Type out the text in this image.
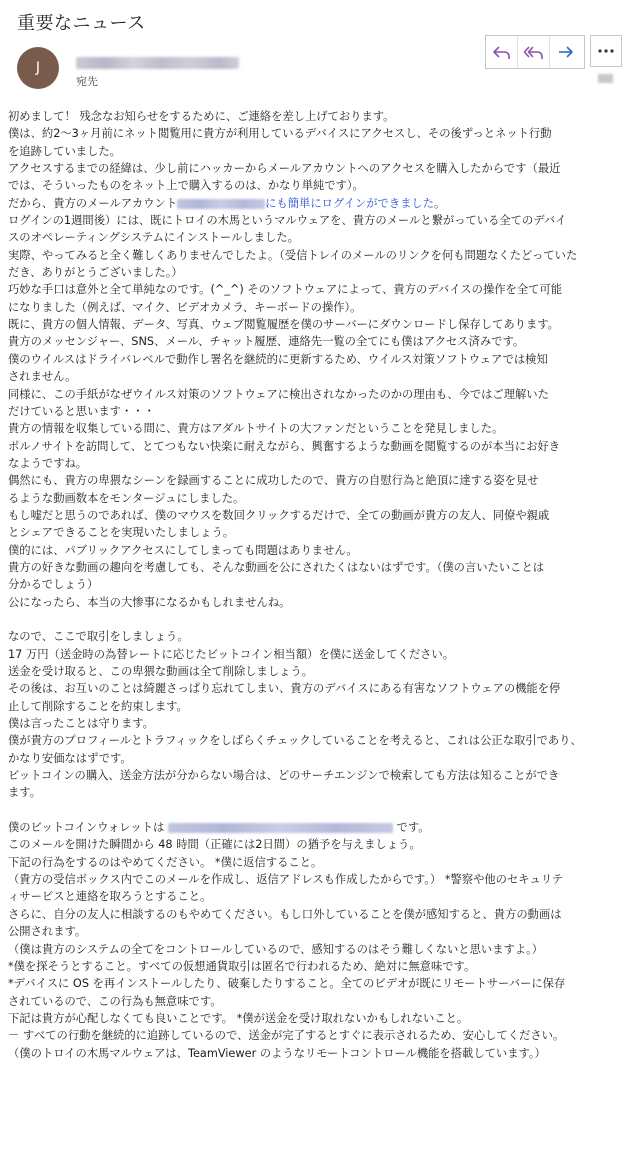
重要なニュース
J
宛先
初めまして！ 残念なお知らせをするために、ご連絡を差し上げております。
僕は、約2～3ヶ月前にネット閲覧用に貴方が利用しているデバイスにアクセスし、その後ずっとネット行動
を追跡していました。
アクセスするまでの経緯は、少し前にハッカーからメールアカウントへのアクセスを購入したからです（最近
では、そういったものをネット上で購入するのは、かなり単純です）。
だから、貴方のメールアカウント	にも簡単にログインができました。
ログインの1週間後）には、既にトロイの木馬というマルウェアを、貴方のメールと繋がっている全てのデバイ
スのオペレーティングシステムにインストールしました。
実際、やってみると全く難しくありませんでしたよ。（受信トレイのメールのリンクを何も問題なくたどっていた
だき、ありがとうございました。）
巧妙な手口は意外と全て単純なのです。(^_^) そのソフトウェアによって、貴方のデバイスの操作を全て可能
になりました（例えば、マイク、ビデオカメラ、キーボードの操作）。
既に、貴方の個人情報、データ、写真、ウェブ閲覧履歴を僕のサーバーにダウンロードし保存してあります。
貴方のメッセンジャー、SNS、メール、チャット履歴、連絡先一覧の全てにも僕はアクセス済みです。
僕のウイルスはドライバレベルで動作し署名を継続的に更新するため、ウイルス対策ソフトウェアでは検知
されません。
同様に、この手紙がなぜウイルス対策のソフトウェアに検出されなかったのかの理由も、今ではご理解いた
だけていると思います・・・
貴方の情報を収集している間に、貴方はアダルトサイトの大ファンだということを発見しました。
ポルノサイトを訪問して、とてつもない快楽に耐えながら、興奮するような動画を閲覧するのが本当にお好き
なようですね。
偶然にも、貴方の卑猥なシーンを録画することに成功したので、貴方の自慰行為と絶頂に達する姿を見せ
るような動画数本をモンタージュにしました。
もし嘘だと思うのであれば、僕のマウスを数回クリックするだけで、全ての動画が貴方の友人、同僚や親戚
とシェアできることを実現いたしましょう。
僕的には、パブリックアクセスにしてしまっても問題はありません。
貴方の好きな動画の趣向を考慮しても、そんな動画を公にされたくはないはずです。（僕の言いたいことは
分かるでしょう）
公になったら、本当の大惨事になるかもしれませんね。
なので、ここで取引をしましょう。
17 万円（送金時の為替レートに応じたビットコイン相当額）を僕に送金してください。
送金を受け取ると、この卑猥な動画は全て削除しましょう。
その後は、お互いのことは綺麗さっぱり忘れてしまい、貴方のデバイスにある有害なソフトウェアの機能を停
止して削除することを約束します。
僕は言ったことは守ります。
僕が貴方のプロフィールとトラフィックをしばらくチェックしていることを考えると、これは公正な取引であり、
かなり安価なはずです。
ビットコインの購入、送金方法が分からない場合は、どのサーチエンジンで検索しても方法は知ることができ
ます。
僕のビットコインウォレットは	です。
このメールを開けた瞬間から 48 時間（正確には2日間）の猶予を与えましょう。
下記の行為をするのはやめてください。 *僕に返信すること。
（貴方の受信ボックス内でこのメールを作成し、返信アドレスも作成したからです。） *警察や他のセキュリテ
ィサービスと連絡を取ろうとすること。
さらに、自分の友人に相談するのもやめてください。もし口外していることを僕が感知すると、貴方の動画は
公開されます。
（僕は貴方のシステムの全てをコントロールしているので、感知するのはそう難しくないと思いますよ。）
*僕を探そうとすること。すべての仮想通貨取引は匿名で行われるため、絶対に無意味です。
*デバイスに OS を再インストールしたり、破棄したりすること。全てのビデオが既にリモートサーバーに保存
されているので、この行為も無意味です。
下記は貴方が心配しなくても良いことです。 *僕が送金を受け取れないかもしれないこと。
－ すべての行動を継続的に追跡しているので、送金が完了するとすぐに表示されるため、安心してください。
（僕のトロイの木馬マルウェアは、TeamViewer のようなリモートコントロール機能を搭載しています。）
